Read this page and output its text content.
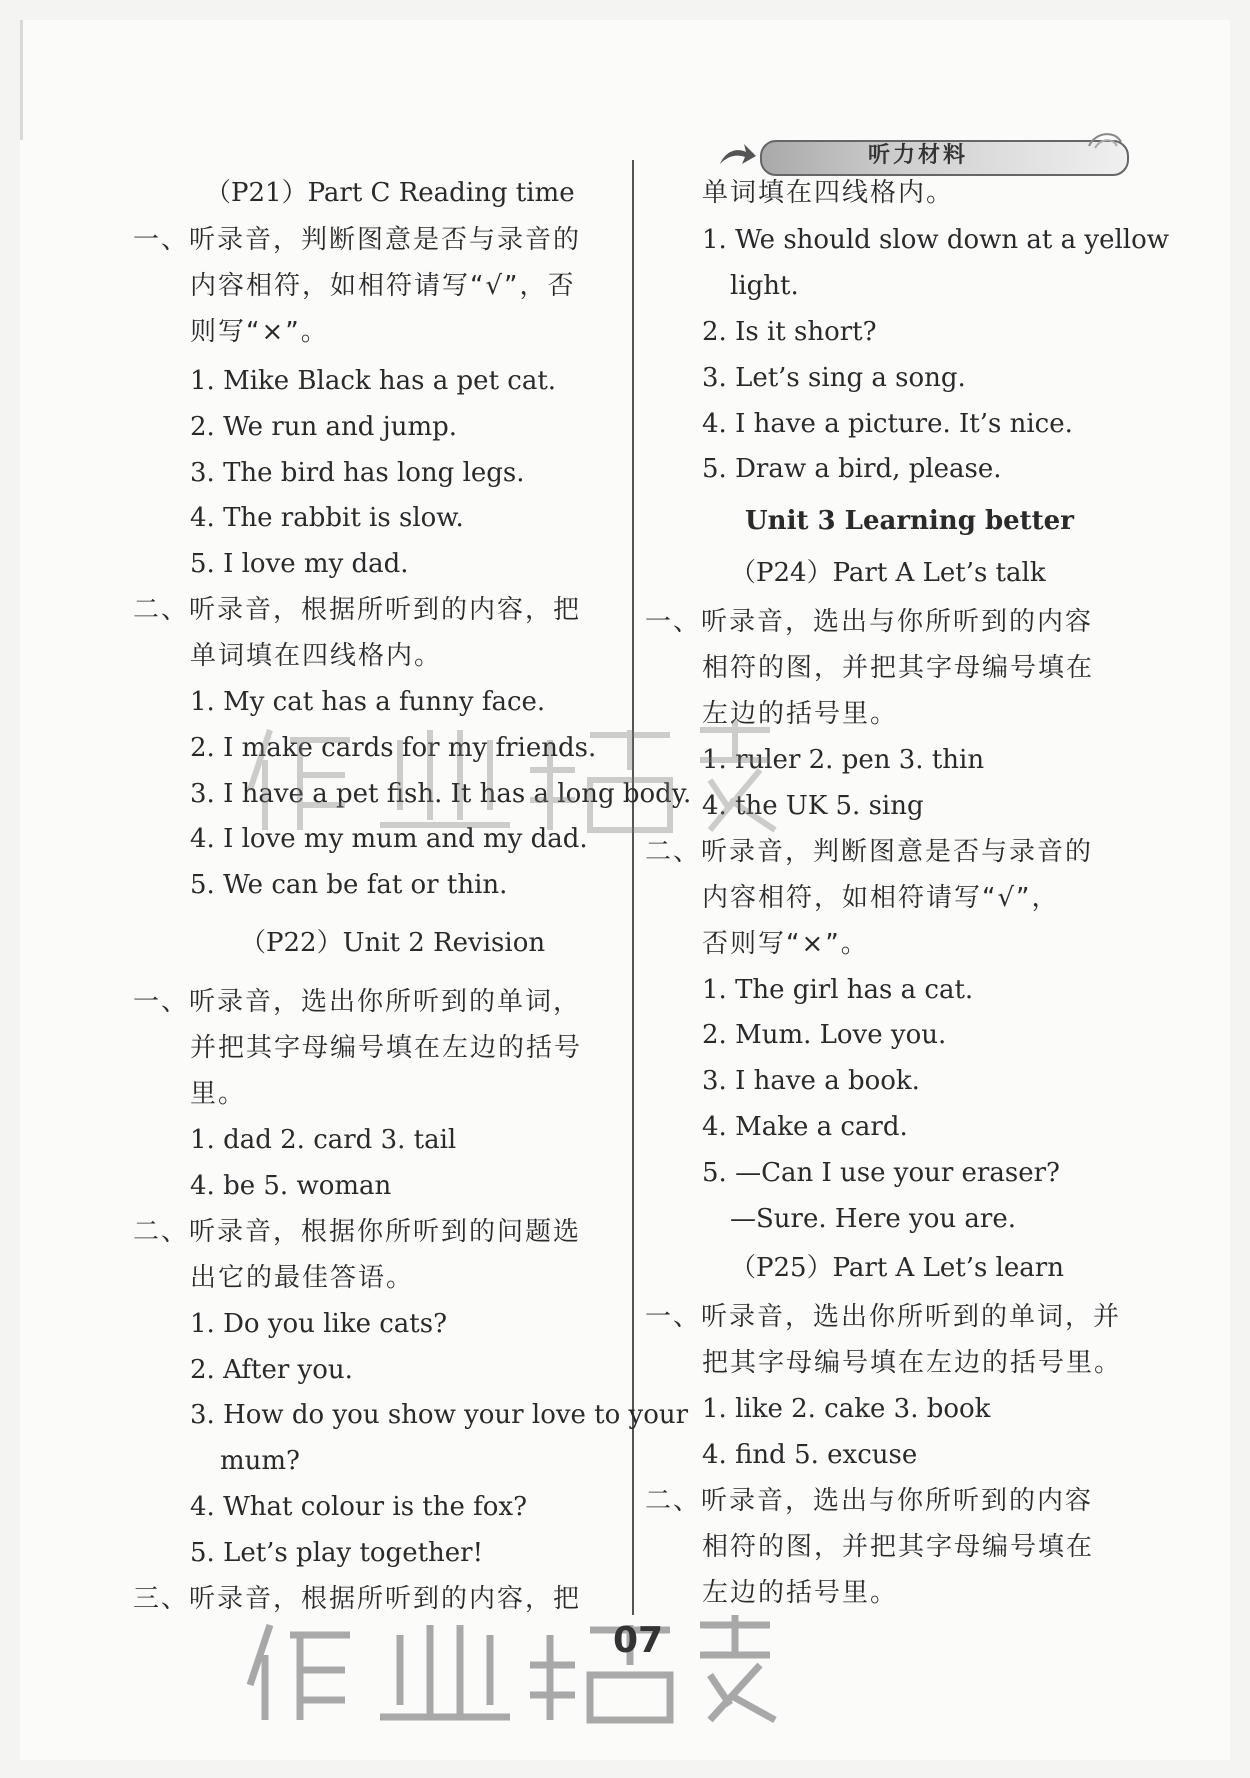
听力材料
（P21）Part C Reading time
一、听录音，判断图意是否与录音的
内容相符，如相符请写“√”，否
则写“×”。
1. Mike Black has a pet cat.
2. We run and jump.
3. The bird has long legs.
4. The rabbit is slow.
5. I love my dad.
二、听录音，根据所听到的内容，把
单词填在四线格内。
1. My cat has a funny face.
2. I make cards for my friends.
3. I have a pet fish. It has a long body.
4. I love my mum and my dad.
5. We can be fat or thin.
（P22）Unit 2 Revision
一、听录音，选出你所听到的单词，
并把其字母编号填在左边的括号
里。
1. dad 2. card 3. tail
4. be 5. woman
二、听录音，根据你所听到的问题选
出它的最佳答语。
1. Do you like cats?
2. After you.
3. How do you show your love to your
mum?
4. What colour is the fox?
5. Let’s play together!
三、听录音，根据所听到的内容，把
单词填在四线格内。
1. We should slow down at a yellow
light.
2. Is it short?
3. Let’s sing a song.
4. I have a picture. It’s nice.
5. Draw a bird, please.
Unit 3 Learning better
（P24）Part A Let’s talk
一、听录音，选出与你所听到的内容
相符的图，并把其字母编号填在
左边的括号里。
1. ruler 2. pen 3. thin
4. the UK 5. sing
二、听录音，判断图意是否与录音的
内容相符，如相符请写“√”，
否则写“×”。
1. The girl has a cat.
2. Mum. Love you.
3. I have a book.
4. Make a card.
5. —Can I use your eraser?
—Sure. Here you are.
（P25）Part A Let’s learn
一、听录音，选出你所听到的单词，并
把其字母编号填在左边的括号里。
1. like 2. cake 3. book
4. find 5. excuse
二、听录音，选出与你所听到的内容
相符的图，并把其字母编号填在
左边的括号里。
07
